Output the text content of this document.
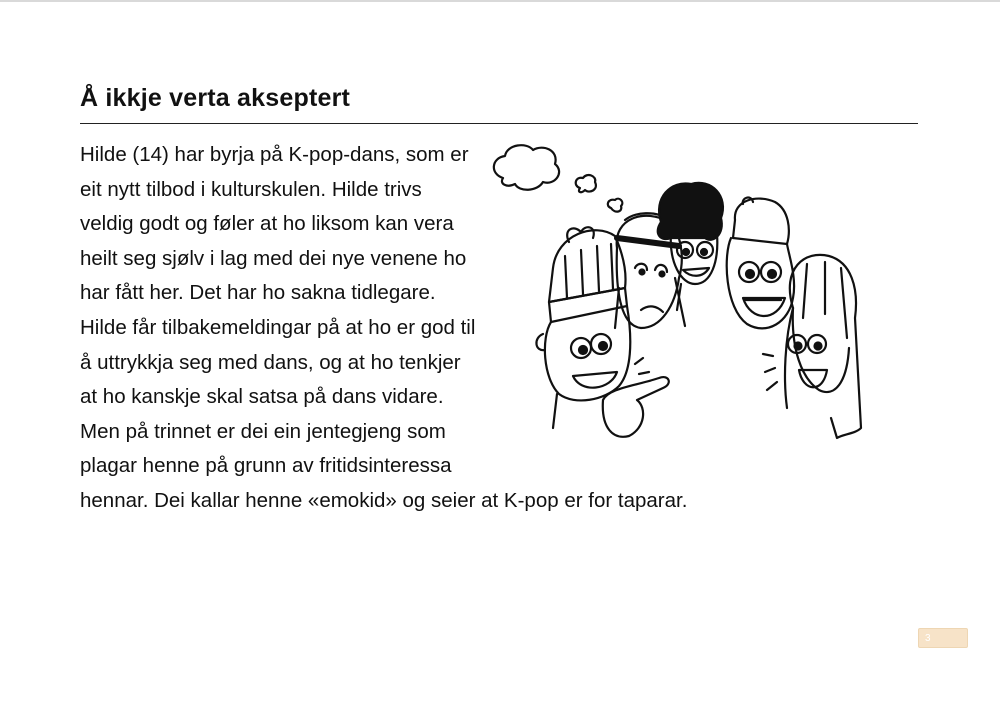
Å ikkje verta akseptert
Hilde (14) har byrja på K-pop-dans, som er eit nytt tilbod i kulturskulen. Hilde trivs veldig godt og føler at ho liksom kan vera heilt seg sjølv i lag med dei nye venene ho har fått her. Det har ho sakna tidlegare. Hilde får tilbakemeldingar på at ho er god til å uttrykkja seg med dans, og at ho tenkjer at ho kanskje skal satsa på dans vidare. Men på trinnet er dei ein jentegjeng som plagar henne på grunn av fritidsinteressa hennar. Dei kallar henne «emokid» og seier at K-pop er for taparar.
3
